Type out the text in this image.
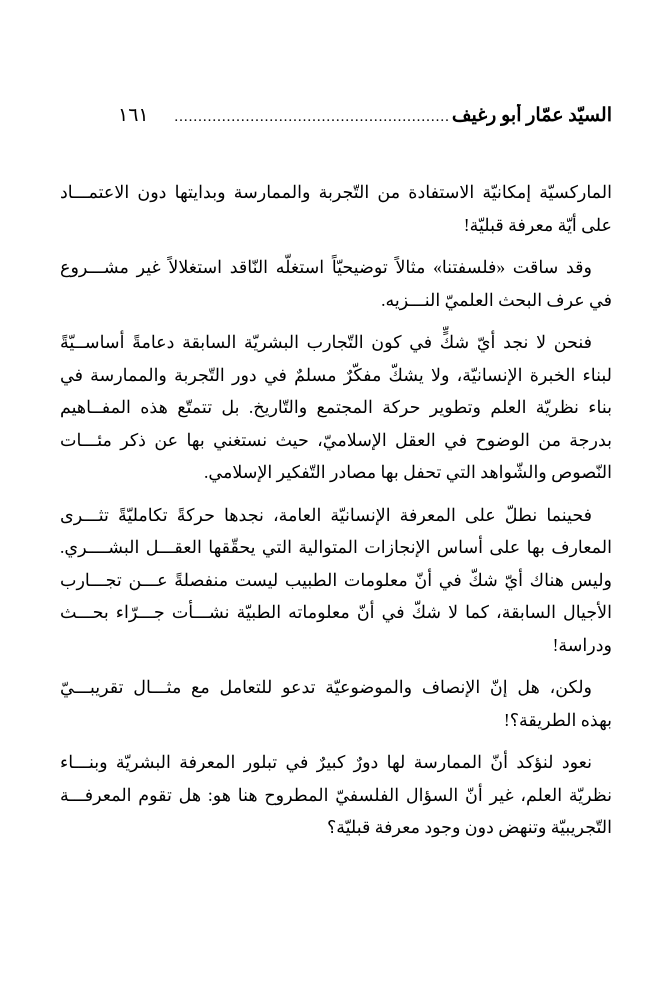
السيّد عمّار أبو رغيف
..........................................................
١٦١
الماركسيّة إمكانيّة الاستفادة من التّجربة والممارسة وبدايتها دون الاعتمـــاد
على أيّة معرفة قبليّة!
وقد ساقت «فلسفتنا» مثالاً توضيحيّاً استغلّه النّاقد استغلالاً غير مشـــروع
في عرف البحث العلميّ النـــزيه.
فنحن لا نجد أيّ شكٍّ في كون التّجارب البشريّة السابقة دعامةً أساســيّةً
لبناء الخبرة الإنسانيّة، ولا يشكّ مفكّرٌ مسلمٌ في دور التّجربة والممارسة في
بناء نظريّة العلم وتطوير حركة المجتمع والتّاريخ. بل تتمتّع هذه المفــاهيم
بدرجة من الوضوح في العقل الإسلاميّ، حيث نستغني بها عن ذكر مئـــات
النّصوص والشّواهد التي تحفل بها مصادر التّفكير الإسلامي.
فحينما نطلّ على المعرفة الإنسانيّة العامة، نجدها حركةً تكامليّةً تثـــرى
المعارف بها على أساس الإنجازات المتوالية التي يحقّقها العقـــل البشــــري.
وليس هناك أيّ شكّ في أنّ معلومات الطبيب ليست منفصلةً عـــن تجـــارب
الأجيال السابقة، كما لا شكّ في أنّ معلوماته الطبيّة نشـــأت جـــرّاء بحـــث
ودراسة!
ولكن، هل إنّ الإنصاف والموضوعيّة تدعو للتعامل مع مثـــال تقريبـــيّ
بهذه الطريقة؟!
نعود لنؤكد أنّ الممارسة لها دورٌ كبيرٌ في تبلور المعرفة البشريّة وبنـــاء
نظريّة العلم، غير أنّ السؤال الفلسفيّ المطروح هنا هو: هل تقوم المعرفـــة
التّجريبيّة وتنهض دون وجود معرفة قبليّة؟
